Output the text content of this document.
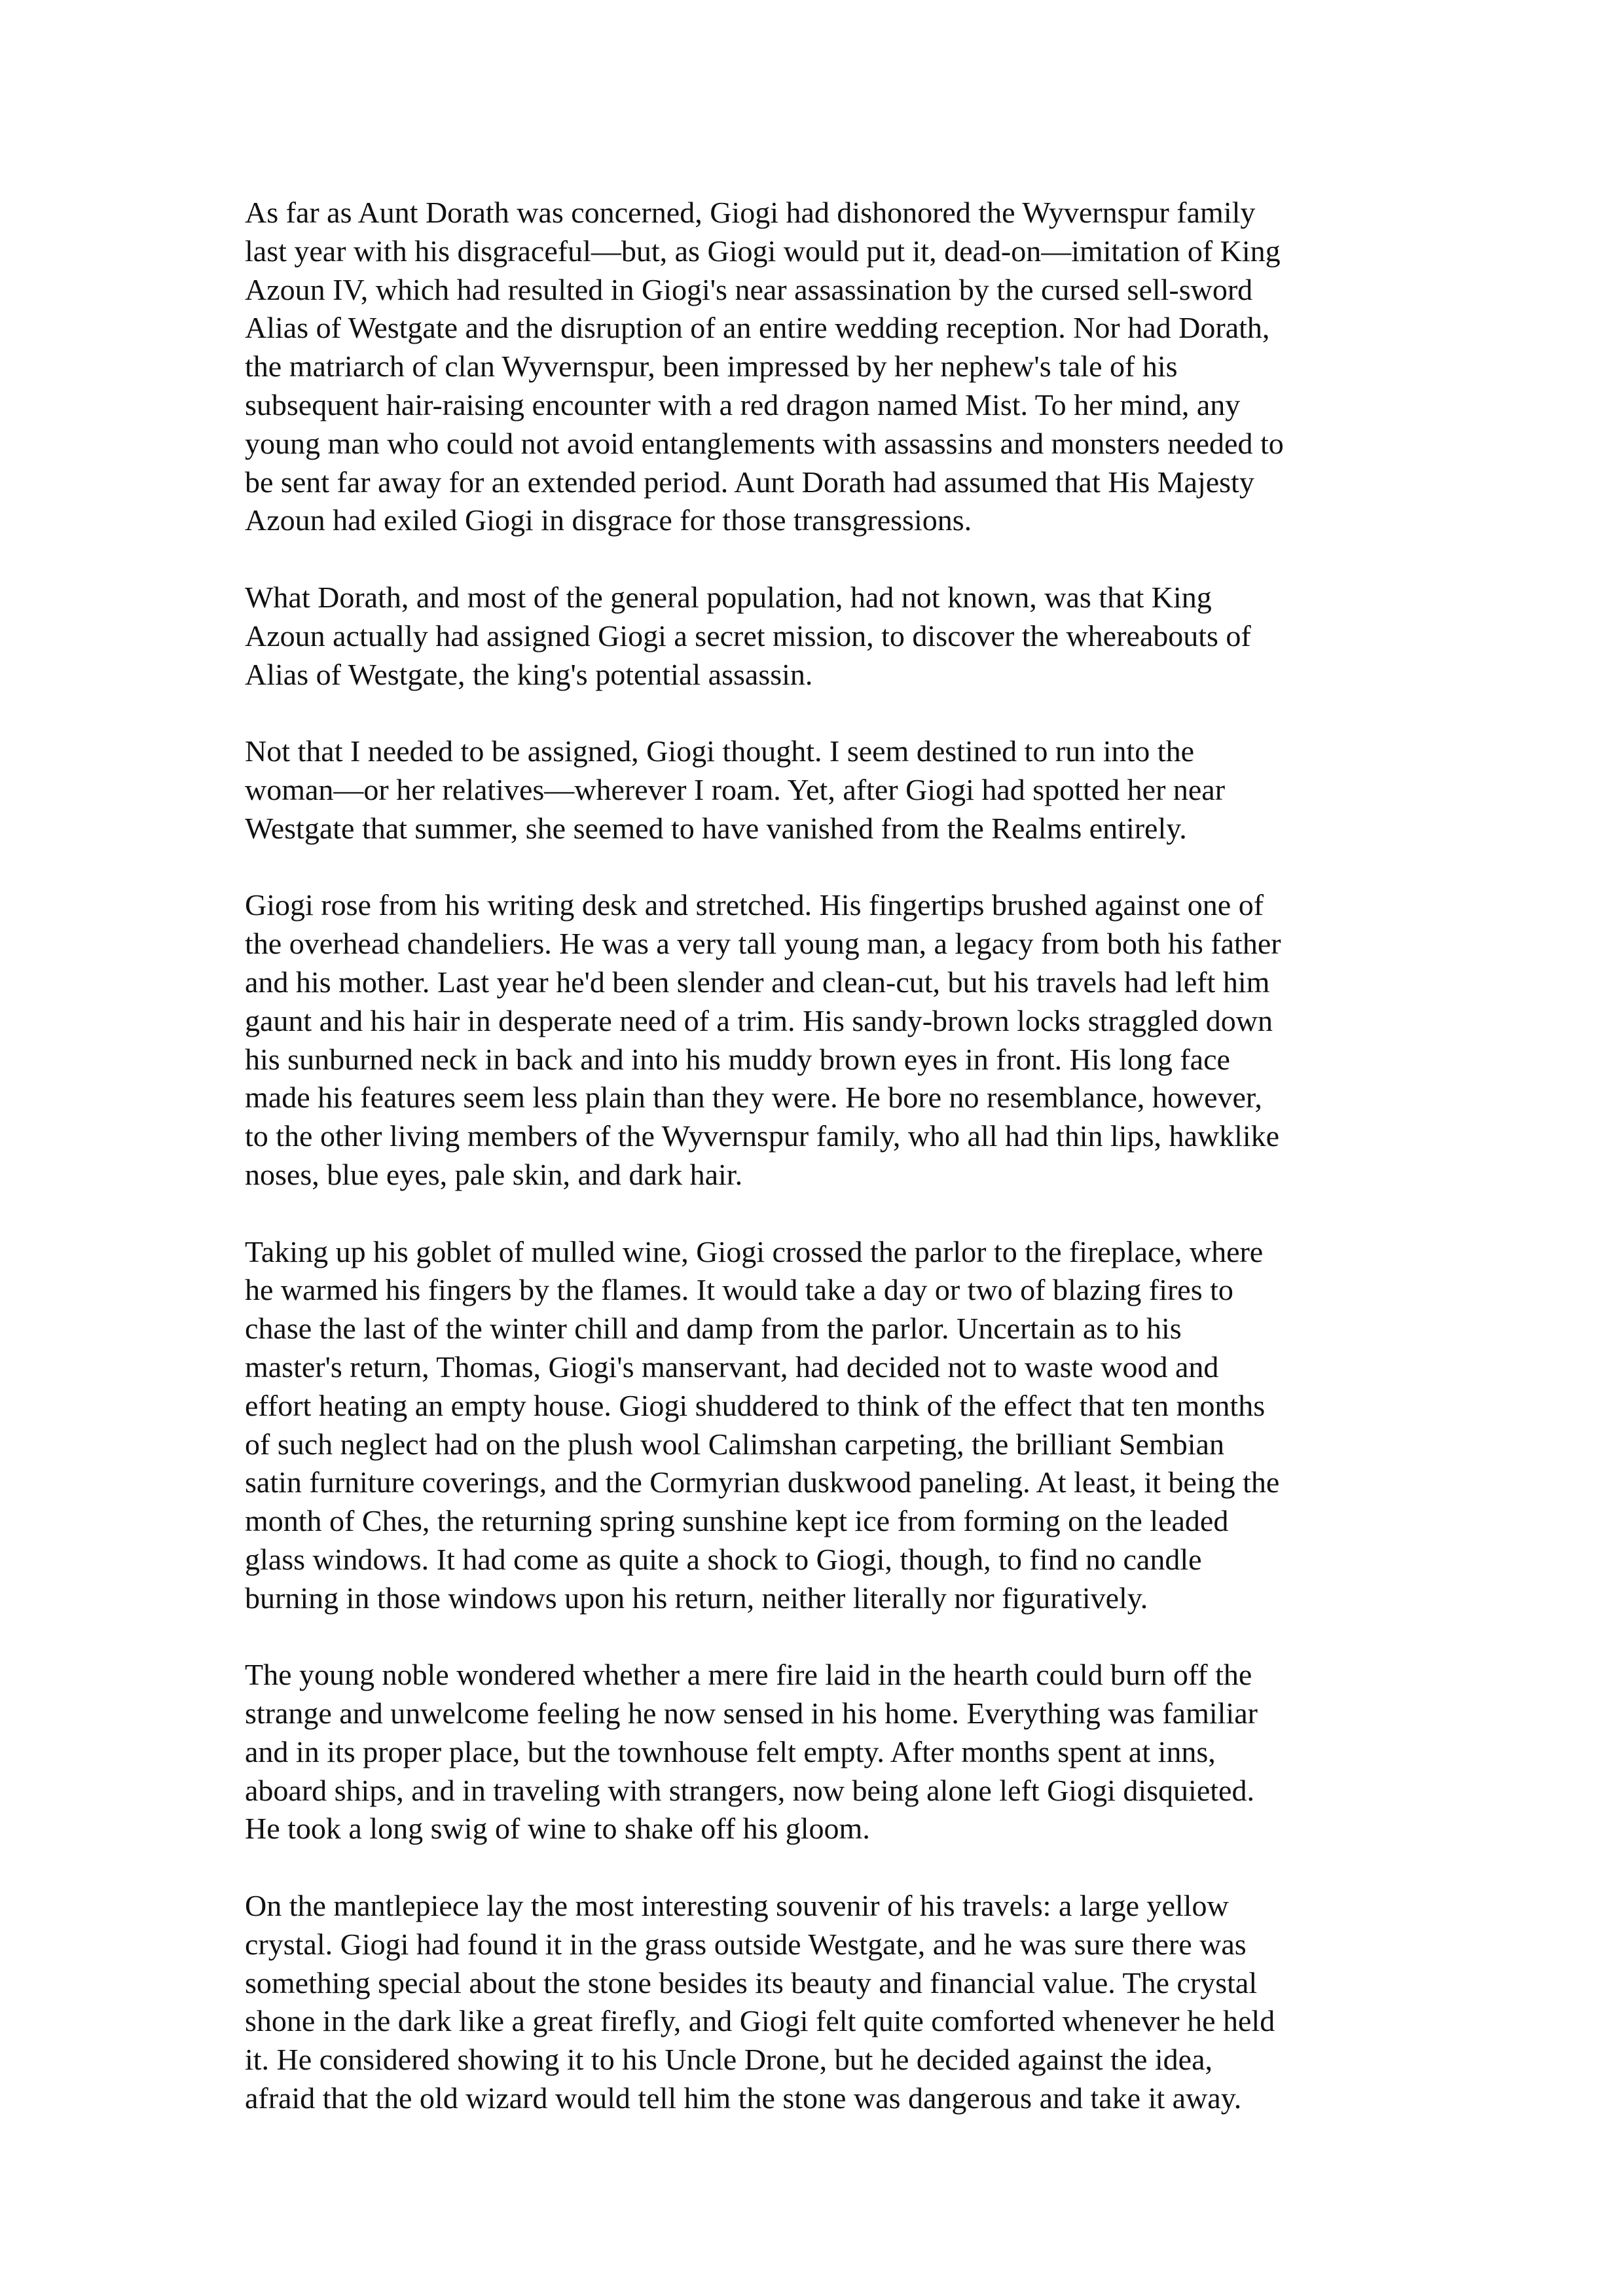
As far as Aunt Dorath was concerned, Giogi had dishonored the Wyvernspur family
last year with his disgraceful—but, as Giogi would put it, dead-on—imitation of King
Azoun IV, which had resulted in Giogi's near assassination by the cursed sell-sword
Alias of Westgate and the disruption of an entire wedding reception. Nor had Dorath,
the matriarch of clan Wyvernspur, been impressed by her nephew's tale of his
subsequent hair-raising encounter with a red dragon named Mist. To her mind, any
young man who could not avoid entanglements with assassins and monsters needed to
be sent far away for an extended period. Aunt Dorath had assumed that His Majesty
Azoun had exiled Giogi in disgrace for those transgressions.

What Dorath, and most of the general population, had not known, was that King
Azoun actually had assigned Giogi a secret mission, to discover the whereabouts of
Alias of Westgate, the king's potential assassin.

Not that I needed to be assigned, Giogi thought. I seem destined to run into the
woman—or her relatives—wherever I roam. Yet, after Giogi had spotted her near
Westgate that summer, she seemed to have vanished from the Realms entirely.

Giogi rose from his writing desk and stretched. His fingertips brushed against one of
the overhead chandeliers. He was a very tall young man, a legacy from both his father
and his mother. Last year he'd been slender and clean-cut, but his travels had left him
gaunt and his hair in desperate need of a trim. His sandy-brown locks straggled down
his sunburned neck in back and into his muddy brown eyes in front. His long face
made his features seem less plain than they were. He bore no resemblance, however,
to the other living members of the Wyvernspur family, who all had thin lips, hawklike
noses, blue eyes, pale skin, and dark hair.

Taking up his goblet of mulled wine, Giogi crossed the parlor to the fireplace, where
he warmed his fingers by the flames. It would take a day or two of blazing fires to
chase the last of the winter chill and damp from the parlor. Uncertain as to his
master's return, Thomas, Giogi's manservant, had decided not to waste wood and
effort heating an empty house. Giogi shuddered to think of the effect that ten months
of such neglect had on the plush wool Calimshan carpeting, the brilliant Sembian
satin furniture coverings, and the Cormyrian duskwood paneling. At least, it being the
month of Ches, the returning spring sunshine kept ice from forming on the leaded
glass windows. It had come as quite a shock to Giogi, though, to find no candle
burning in those windows upon his return, neither literally nor figuratively.

The young noble wondered whether a mere fire laid in the hearth could burn off the
strange and unwelcome feeling he now sensed in his home. Everything was familiar
and in its proper place, but the townhouse felt empty. After months spent at inns,
aboard ships, and in traveling with strangers, now being alone left Giogi disquieted.
He took a long swig of wine to shake off his gloom.

On the mantlepiece lay the most interesting souvenir of his travels: a large yellow
crystal. Giogi had found it in the grass outside Westgate, and he was sure there was
something special about the stone besides its beauty and financial value. The crystal
shone in the dark like a great firefly, and Giogi felt quite comforted whenever he held
it. He considered showing it to his Uncle Drone, but he decided against the idea,
afraid that the old wizard would tell him the stone was dangerous and take it away.
